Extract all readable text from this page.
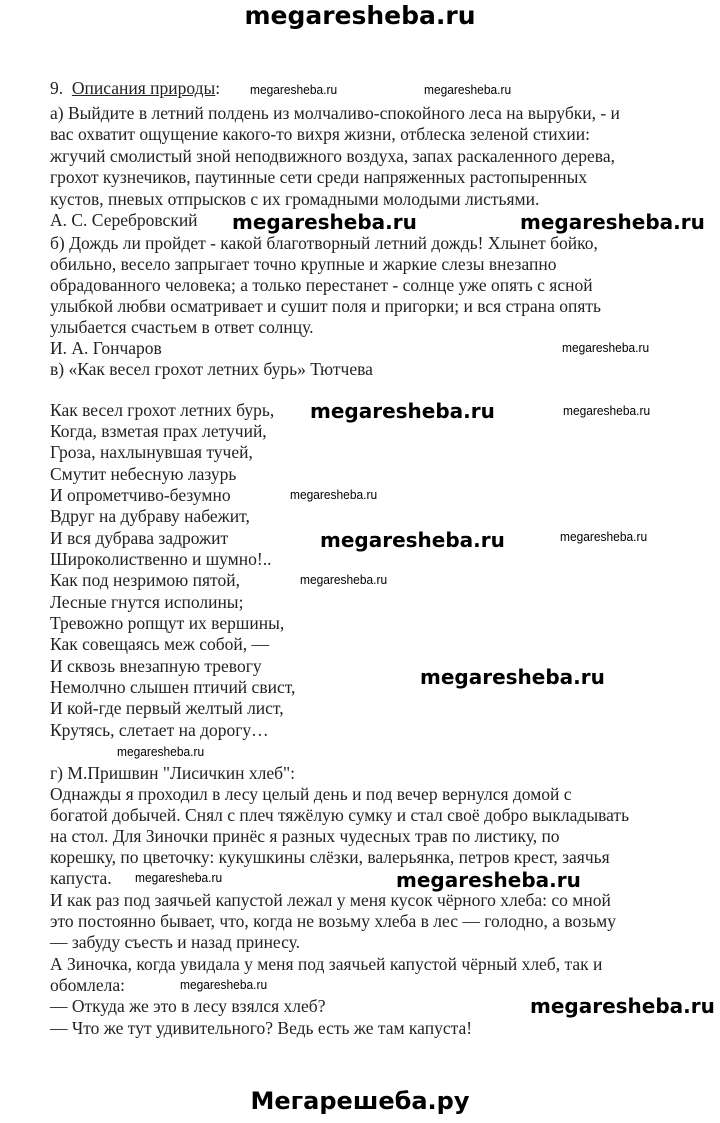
megaresheba.ru
9. Описания природы:
а) Выйдите в летний полдень из молчаливо-спокойного леса на вырубки, - и
вас охватит ощущение какого-то вихря жизни, отблеска зеленой стихии:
жгучий смолистый зной неподвижного воздуха, запах раскаленного дерева,
грохот кузнечиков, паутинные сети среди напряженных растопыренных
кустов, пневых отпрысков с их громадными молодыми листьями.
А. С. Серебровский
б) Дождь ли пройдет - какой благотворный летний дождь! Хлынет бойко,
обильно, весело запрыгает точно крупные и жаркие слезы внезапно
обрадованного человека; а только перестанет - солнце уже опять с ясной
улыбкой любви осматривает и сушит поля и пригорки; и вся страна опять
улыбается счастьем в ответ солнцу.
И. А. Гончаров
в) «Как весел грохот летних бурь» Тютчева
Как весел грохот летних бурь,
Когда, взметая прах летучий,
Гроза, нахлынувшая тучей,
Смутит небесную лазурь
И опрометчиво-безумно
Вдруг на дубраву набежит,
И вся дубрава задрожит
Широколиственно и шумно!..
Как под незримою пятой,
Лесные гнутся исполины;
Тревожно ропщут их вершины,
Как совещаясь меж собой, —
И сквозь внезапную тревогу
Немолчно слышен птичий свист,
И кой-где первый желтый лист,
Крутясь, слетает на дорогу…
г) М.Пришвин "Лисичкин хлеб":
Однажды я проходил в лесу целый день и под вечер вернулся домой с
богатой добычей. Снял с плеч тяжёлую сумку и стал своё добро выкладывать
на стол. Для Зиночки принёс я разных чудесных трав по листику, по
корешку, по цветочку: кукушкины слёзки, валерьянка, петров крест, заячья
капуста.
И как раз под заячьей капустой лежал у меня кусок чёрного хлеба: со мной
это постоянно бывает, что, когда не возьму хлеба в лес — голодно, а возьму
— забуду съесть и назад принесу.
А Зиночка, когда увидала у меня под заячьей капустой чёрный хлеб, так и
обомлела:
— Откуда же это в лесу взялся хлеб?
— Что же тут удивительного? Ведь есть же там капуста!
megaresheba.ru	megaresheba.ru
megaresheba.ru	megaresheba.ru
megaresheba.ru
megaresheba.ru
megaresheba.ru
megaresheba.ru
megaresheba.ru	megaresheba.ru
megaresheba.ru
megaresheba.ru
megaresheba.ru
megaresheba.ru	megaresheba.ru
megaresheba.ru
megaresheba.ru
Мегарешеба.ру
